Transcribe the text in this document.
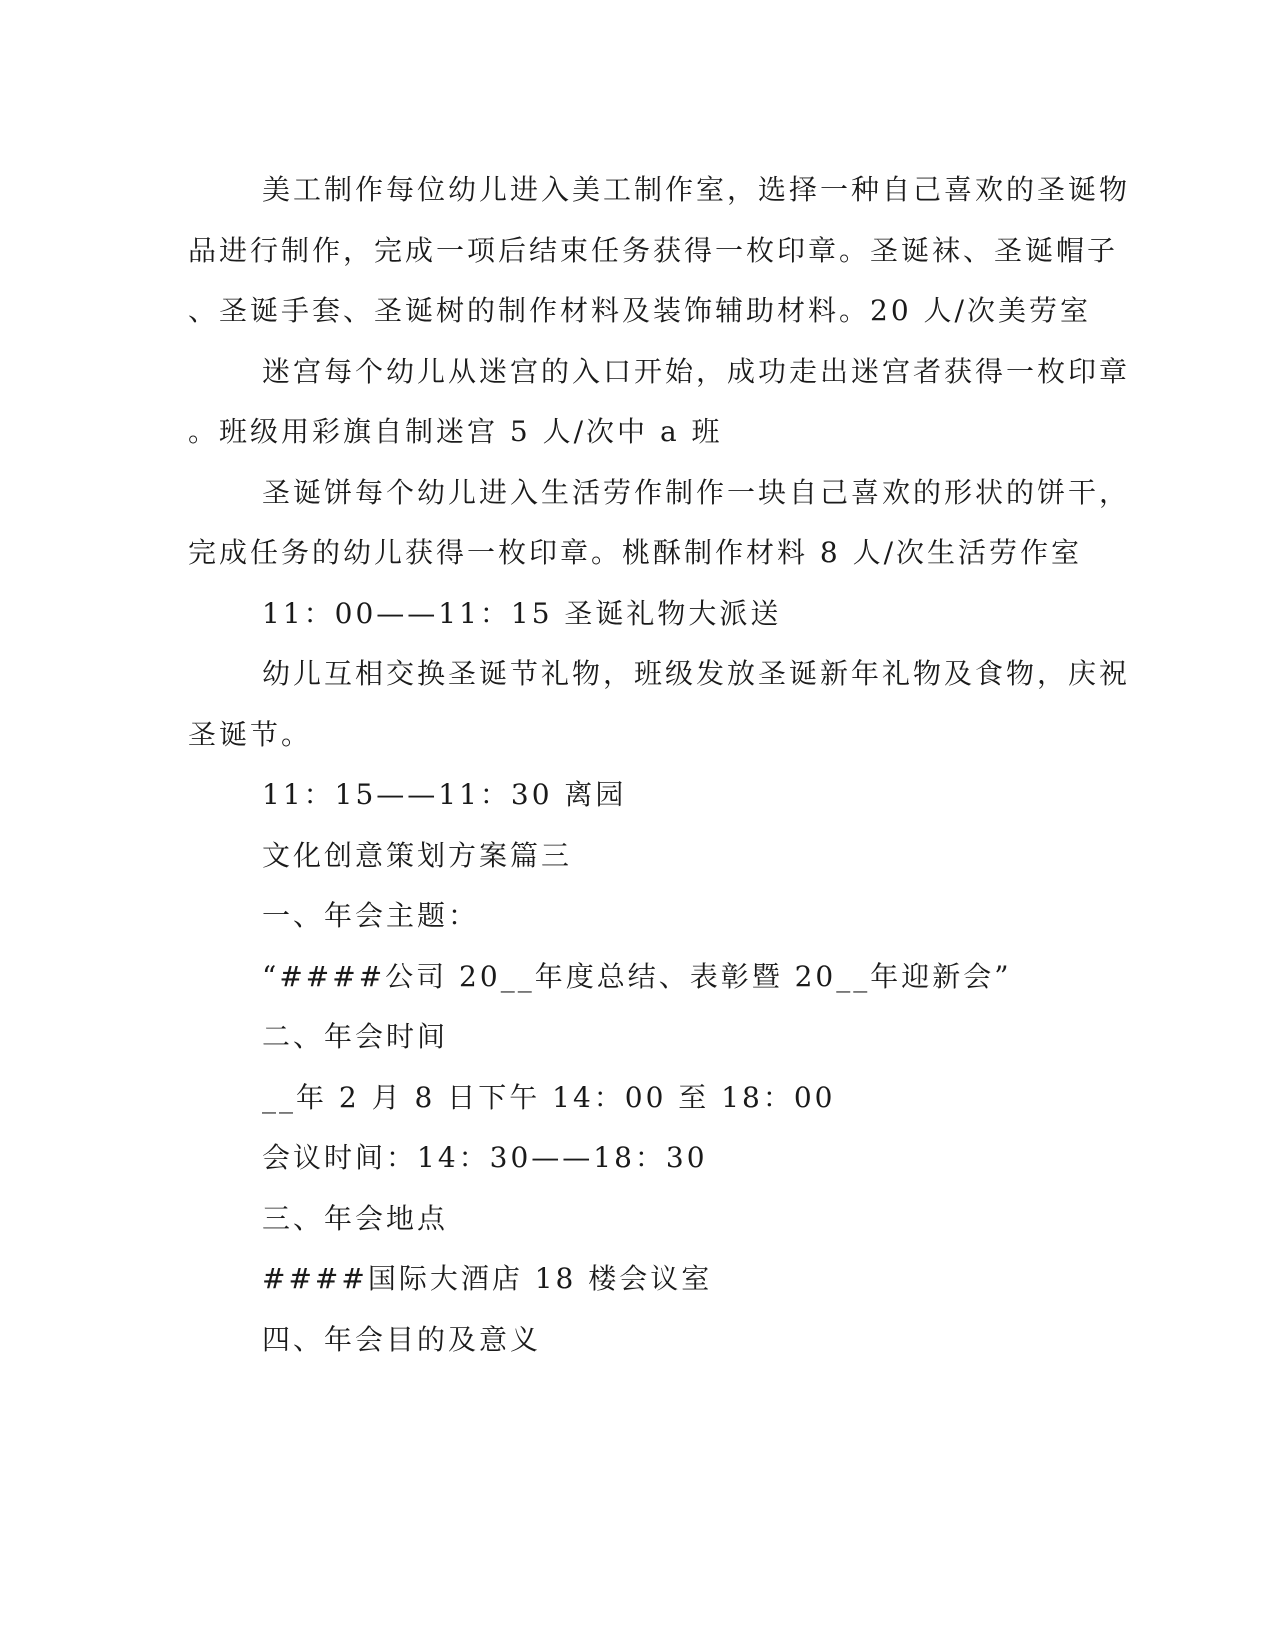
美工制作每位幼儿进入美工制作室，选择一种自己喜欢的圣诞物

品进行制作，完成一项后结束任务获得一枚印章。圣诞袜、圣诞帽子

、圣诞手套、圣诞树的制作材料及装饰辅助材料。20 人/次美劳室

迷宫每个幼儿从迷宫的入口开始，成功走出迷宫者获得一枚印章

。班级用彩旗自制迷宫 5 人/次中 a 班

圣诞饼每个幼儿进入生活劳作制作一块自己喜欢的形状的饼干，

完成任务的幼儿获得一枚印章。桃酥制作材料 8 人/次生活劳作室

11：00——11：15 圣诞礼物大派送

幼儿互相交换圣诞节礼物，班级发放圣诞新年礼物及食物，庆祝

圣诞节。

11：15——11：30 离园

文化创意策划方案篇三

一、年会主题：

“####公司 20__年度总结、表彰暨 20__年迎新会”

二、年会时间

__年 2 月 8 日下午 14：00 至 18：00

会议时间：14：30——18：30

三、年会地点

####国际大酒店 18 楼会议室

四、年会目的及意义
